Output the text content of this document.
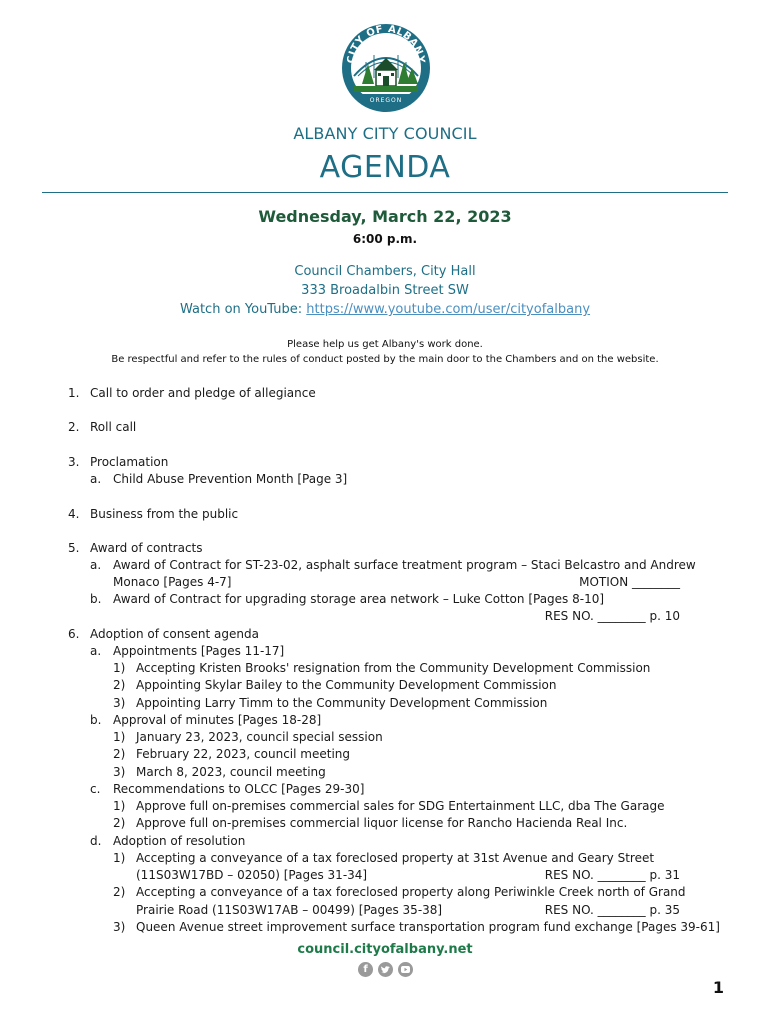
CITY OF ALBANY
OREGON
ALBANY CITY COUNCIL
AGENDA
Wednesday, March 22, 2023
6:00 p.m.
Council Chambers, City Hall
333 Broadalbin Street SW
Watch on YouTube: https://www.youtube.com/user/cityofalbany
Please help us get Albany's work done.
Be respectful and refer to the rules of conduct posted by the main door to the Chambers and on the website.
1. Call to order and pledge of allegiance
2. Roll call
3. Proclamation
a. Child Abuse Prevention Month [Page 3]
4. Business from the public
5. Award of contracts
a. Award of Contract for ST-23-02, asphalt surface treatment program – Staci Belcastro and Andrew
Monaco [Pages 4-7]	MOTION ________
b. Award of Contract for upgrading storage area network – Luke Cotton [Pages 8-10]
RES NO. ________ p. 10
6. Adoption of consent agenda
a. Appointments [Pages 11-17]
1) Accepting Kristen Brooks' resignation from the Community Development Commission
2) Appointing Skylar Bailey to the Community Development Commission
3) Appointing Larry Timm to the Community Development Commission
b. Approval of minutes [Pages 18-28]
1) January 23, 2023, council special session
2) February 22, 2023, council meeting
3) March 8, 2023, council meeting
c. Recommendations to OLCC [Pages 29-30]
1) Approve full on-premises commercial sales for SDG Entertainment LLC, dba The Garage
2) Approve full on-premises commercial liquor license for Rancho Hacienda Real Inc.
d. Adoption of resolution
1) Accepting a conveyance of a tax foreclosed property at 31st Avenue and Geary Street
(11S03W17BD – 02050) [Pages 31-34]	RES NO. ________ p. 31
2) Accepting a conveyance of a tax foreclosed property along Periwinkle Creek north of Grand
Prairie Road (11S03W17AB – 00499) [Pages 35-38]	RES NO. ________ p. 35
3) Queen Avenue street improvement surface transportation program fund exchange [Pages 39-61]
council.cityofalbany.net
f
1
